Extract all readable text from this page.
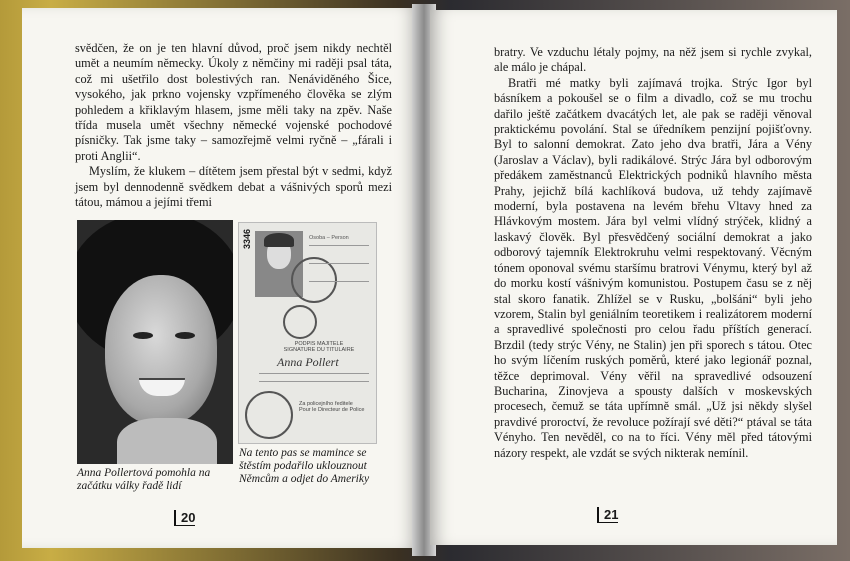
svědčen, že on je ten hlavní důvod, proč jsem nikdy nechtěl umět a neumím německy. Úkoly z němčiny mi raději psal táta, což mi ušetřilo dost bolestivých ran. Nenáviděného Šice, vysokého, jak prkno vojensky vzpřímeného člověka se zlým pohledem a křiklavým hlasem, jsme měli taky na zpěv. Naše třída musela umět všechny německé vojenské pochodové písničky. Tak jsme taky – samozřejmě velmi ryčně – „fárali i proti Anglii“.

Myslím, že klukem – dítětem jsem přestal být v sedmi, když jsem byl dennodenně svědkem debat a vášnivých sporů mezi tátou, mámou a jejími třemi

3346	Osoba – Person
PODPIS MAJITELE
SIGNATURE DU TITULAIRE
Anna Pollert
Za policejního ředitele
Pour le Directeur de Police
Anna Pollertová pomohla na začátku války řadě lidí
Na tento pas se mamince se štěstím podařilo uklouznout Němcům a odjet do Ameriky
20

bratry. Ve vzduchu létaly pojmy, na něž jsem si rychle zvykal, ale málo je chápal.

Bratři mé matky byli zajímavá trojka. Strýc Igor byl básníkem a pokoušel se o film a divadlo, což se mu trochu dařilo ještě začátkem dvacátých let, ale pak se raději věnoval praktickému povolání. Stal se úředníkem penzijní pojišťovny. Byl to salonní demokrat. Zato jeho dva bratři, Jára a Vény (Jaroslav a Václav), byli radikálové. Strýc Jára byl odborovým předákem zaměstnanců Elektrických podniků hlavního města Prahy, jejichž bílá kachlíková budova, už tehdy zajímavě moderní, byla postavena na levém břehu Vltavy hned za Hlávkovým mostem. Jára byl velmi vlídný strýček, klidný a laskavý člověk. Byl přesvědčený sociální demokrat a jako odborový tajemník Elektrokruhu velmi respektovaný. Věcným tónem oponoval svému staršímu bratrovi Vénymu, který byl až do morku kostí vášnivým komunistou. Postupem času se z něj stal skoro fanatik. Zhlížel se v Rusku, „bolšáni“ byli jeho vzorem, Stalin byl geniálním teoretikem i realizátorem moderní a spravedlivé společnosti pro celou řadu příštích generací. Brzdil (tedy strýc Vény, ne Stalin) jen při sporech s tátou. Otec ho svým líčením ruských poměrů, které jako legionář poznal, těžce deprimoval. Vény věřil na spravedlivé odsouzení Bucharina, Zinovjeva a spousty dalších v moskevských procesech, čemuž se táta upřímně smál. „Už jsi někdy slyšel pravdivé proroctví, že revoluce požírají své děti?“ ptával se táta Vényho. Ten nevěděl, co na to říci. Vény měl před tátovými názory respekt, ale vzdát se svých nikterak nemínil.

21
